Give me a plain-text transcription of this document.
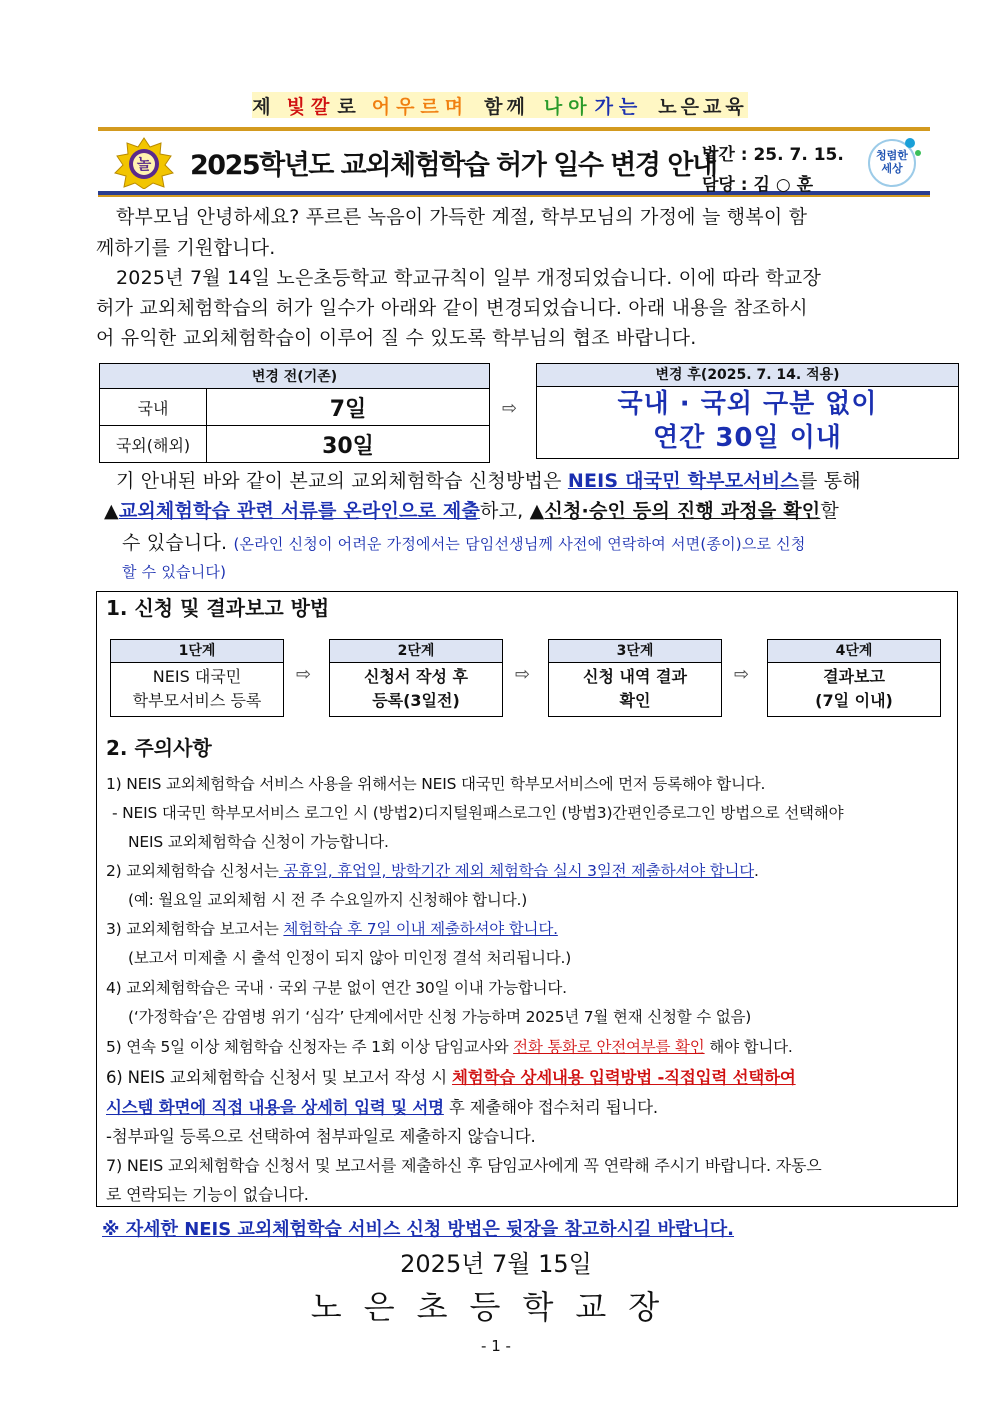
제 빛깔 로 어우르며 함께 나아 가는 노은교육
놀 2025학년도 교외체험학습 허가 일수 변경 안내
발간 : 25. 7. 15.
담당 : 김 ○ 훈
청렴한 세상
학부모님 안녕하세요? 푸르른 녹음이 가득한 계절, 학부모님의 가정에 늘 행복이 함
께하기를 기원합니다.
2025년 7월 14일 노은초등학교 학교규칙이 일부 개정되었습니다. 이에 따라 학교장
허가 교외체험학습의 허가 일수가 아래와 같이 변경되었습니다. 아래 내용을 참조하시
어 유익한 교외체험학습이 이루어 질 수 있도록 학부님의 협조 바랍니다.
변경 전(기존)	
국내	7일
국외(해외)	30일
⇨
변경 후(2025. 7. 14. 적용)
국내 · 국외 구분 없이
연간 30일 이내
기 안내된 바와 같이 본교의 교외체험학습 신청방법은 NEIS 대국민 학부모서비스를 통해
▲교외체험학습 관련 서류를 온라인으로 제출하고, ▲신청·승인 등의 진행 과정을 확인할
수 있습니다. (온라인 신청이 어려운 가정에서는 담임선생님께 사전에 연락하여 서면(종이)으로 신청
할 수 있습니다)
1. 신청 및 결과보고 방법
1단계
NEIS 대국민
학부모서비스 등록
⇨
2단계
신청서 작성 후
등록(3일전)
⇨
3단계
신청 내역 결과
확인
⇨
4단계
결과보고
(7일 이내)
2. 주의사항
1) NEIS 교외체험학습 서비스 사용을 위해서는 NEIS 대국민 학부모서비스에 먼저 등록해야 합니다.
- NEIS 대국민 학부모서비스 로그인 시 (방법2)디지털원패스로그인 (방법3)간편인증로그인 방법으로 선택해야
NEIS 교외체험학습 신청이 가능합니다.
2) 교외체험학습 신청서는 공휴일, 휴업일, 방학기간 제외 체험학습 실시 3일전 제출하셔야 합니다.
(예: 월요일 교외체험 시 전 주 수요일까지 신청해야 합니다.)
3) 교외체험학습 보고서는 체험학습 후 7일 이내 제출하셔야 합니다.
(보고서 미제출 시 출석 인정이 되지 않아 미인정 결석 처리됩니다.)
4) 교외체험학습은 국내 · 국외 구분 없이 연간 30일 이내 가능합니다.
(‘가정학습’은 감염병 위기 ‘심각’ 단계에서만 신청 가능하며 2025년 7월 현재 신청할 수 없음)
5) 연속 5일 이상 체험학습 신청자는 주 1회 이상 담임교사와 전화 통화로 안전여부를 확인 해야 합니다.
6) NEIS 교외체험학습 신청서 및 보고서 작성 시 체험학습 상세내용 입력방법 -직접입력 선택하여
시스템 화면에 직접 내용을 상세히 입력 및 서명 후 제출해야 접수처리 됩니다.
-첨부파일 등록으로 선택하여 첨부파일로 제출하지 않습니다.
7) NEIS 교외체험학습 신청서 및 보고서를 제출하신 후 담임교사에게 꼭 연락해 주시기 바랍니다. 자동으
로 연락되는 기능이 없습니다.
※ 자세한 NEIS 교외체험학습 서비스 신청 방법은 뒷장을 참고하시길 바랍니다.
2025년 7월 15일
노은초등학교장
- 1 -
